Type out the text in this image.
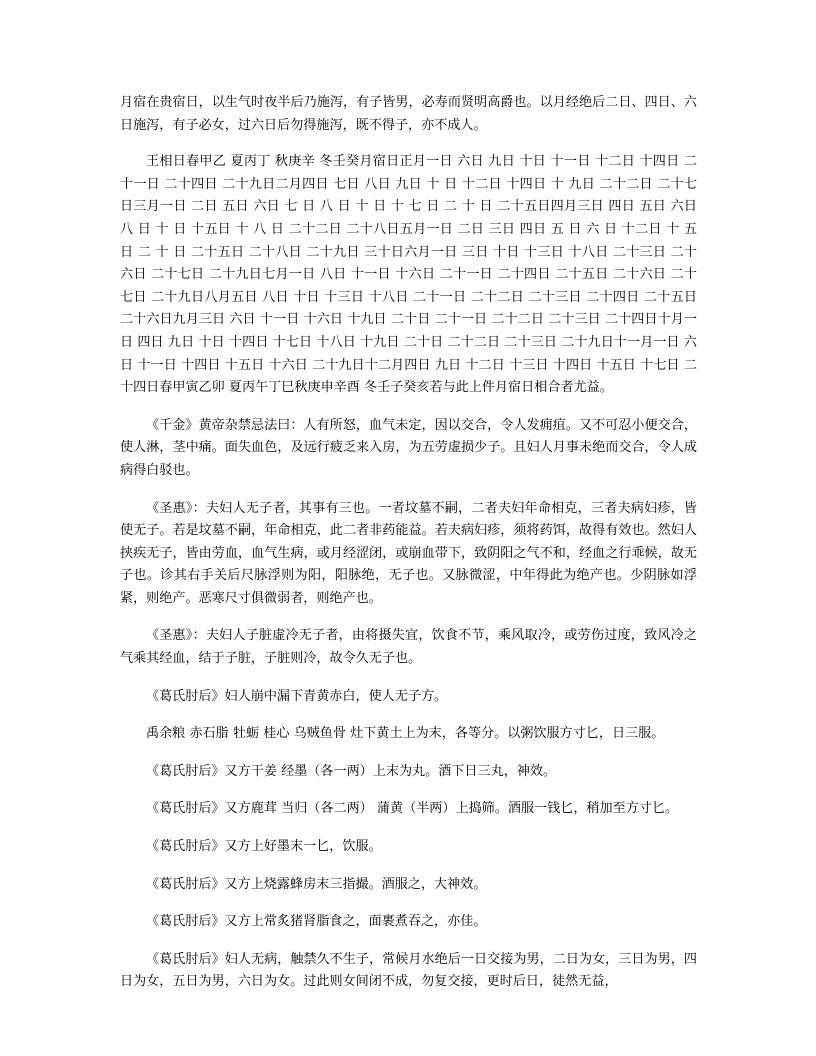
月宿在贵宿日，以生气时夜半后乃施泻，有子皆男，必寿而贤明高爵也。以月经绝后二日、四日、六日施泻，有子必女，过六日后勿得施泻，既不得子，亦不成人。

王相日春甲乙 夏丙丁 秋庚辛 冬壬癸月宿日正月一日 六日 九日 十日 十一日 十二日 十四日 二十一日 二十四日 二十九日二月四日 七日 八日 九日 十 日 十二日 十四日 十 九日 二十二日 二十七日三月一日 二日 五日 六日 七 日 八 日 十 日 十 七 日 二 十 日 二十五日四月三日 四日 五日 六日 八 日 十 日 十五日 十 八 日 二十二日 二十八日五月一日 二日 三日 四日 五 日 六 日 十二日 十 五 日 二 十 日 二十五日 二十八日 二十九日 三十日六月一日 三日 十日 十三日 十八日 二十三日 二十六日 二十七日 二十九日七月一日 八日 十一日 十六日 二十一日 二十四日 二十五日 二十六日 二十七日 二十九日八月五日 八日 十日 十三日 十八日 二十一日 二十二日 二十三日 二十四日 二十五日 二十六日九月三日 六日 十一日 十六日 十九日 二十日 二十一日 二十二日 二十三日 二十四日十月一日 四日 九日 十日 十四日 十七日 十八日 十九日 二十日 二十二日 二十三日 二十九日十一月一日 六日 十一日 十四日 十五日 十六日 二十九日十二月四日 九日 十二日 十三日 十四日 十五日 十七日 二十四日春甲寅乙卯 夏丙午丁巳秋庚申辛酉 冬壬子癸亥若与此上件月宿日相合者尤益。

《千金》黄帝杂禁忌法曰：人有所怒，血气未定，因以交合，令人发痈疽。又不可忍小便交合，使人淋，茎中痛。面失血色，及远行疲乏来入房，为五劳虚损少子。且妇人月事未绝而交合，令人成病得白驳也。

《圣惠》：夫妇人无子者，其事有三也。一者坟墓不嗣，二者夫妇年命相克，三者夫病妇疹，皆使无子。若是坟墓不嗣，年命相克，此二者非药能益。若夫病妇疹，须将药饵，故得有效也。然妇人挟疾无子，皆由劳血，血气生病，或月经涩闭，或崩血带下，致阴阳之气不和，经血之行乖候，故无子也。诊其右手关后尺脉浮则为阳，阳脉绝，无子也。又脉微涩，中年得此为绝产也。少阴脉如浮紧，则绝产。恶寒尺寸俱微弱者，则绝产也。

《圣惠》：夫妇人子脏虚冷无子者，由将摄失宜，饮食不节，乘风取冷，或劳伤过度，致风冷之气乘其经血，结于子脏，子脏则冷，故令久无子也。

《葛氏肘后》妇人崩中漏下青黄赤白，使人无子方。

禹余粮 赤石脂 牡蛎 桂心 乌贼鱼骨 灶下黄土上为末，各等分。以粥饮服方寸匕，日三服。

《葛氏肘后》又方干姜 经墨（各一两）上末为丸。酒下日三丸，神效。

《葛氏肘后》又方鹿茸 当归（各二两） 蒲黄（半两）上捣筛。酒服一钱匕，稍加至方寸匕。

《葛氏肘后》又方上好墨末一匕，饮服。

《葛氏肘后》又方上烧露蜂房末三指撮。酒服之，大神效。

《葛氏肘后》又方上常炙猪肾脂食之，面裹煮吞之，亦佳。

《葛氏肘后》妇人无病，触禁久不生子，常候月水绝后一日交接为男，二日为女，三日为男，四日为女，五日为男，六日为女。过此则女间闭不成，勿复交接，更时后日，徒然无益，
